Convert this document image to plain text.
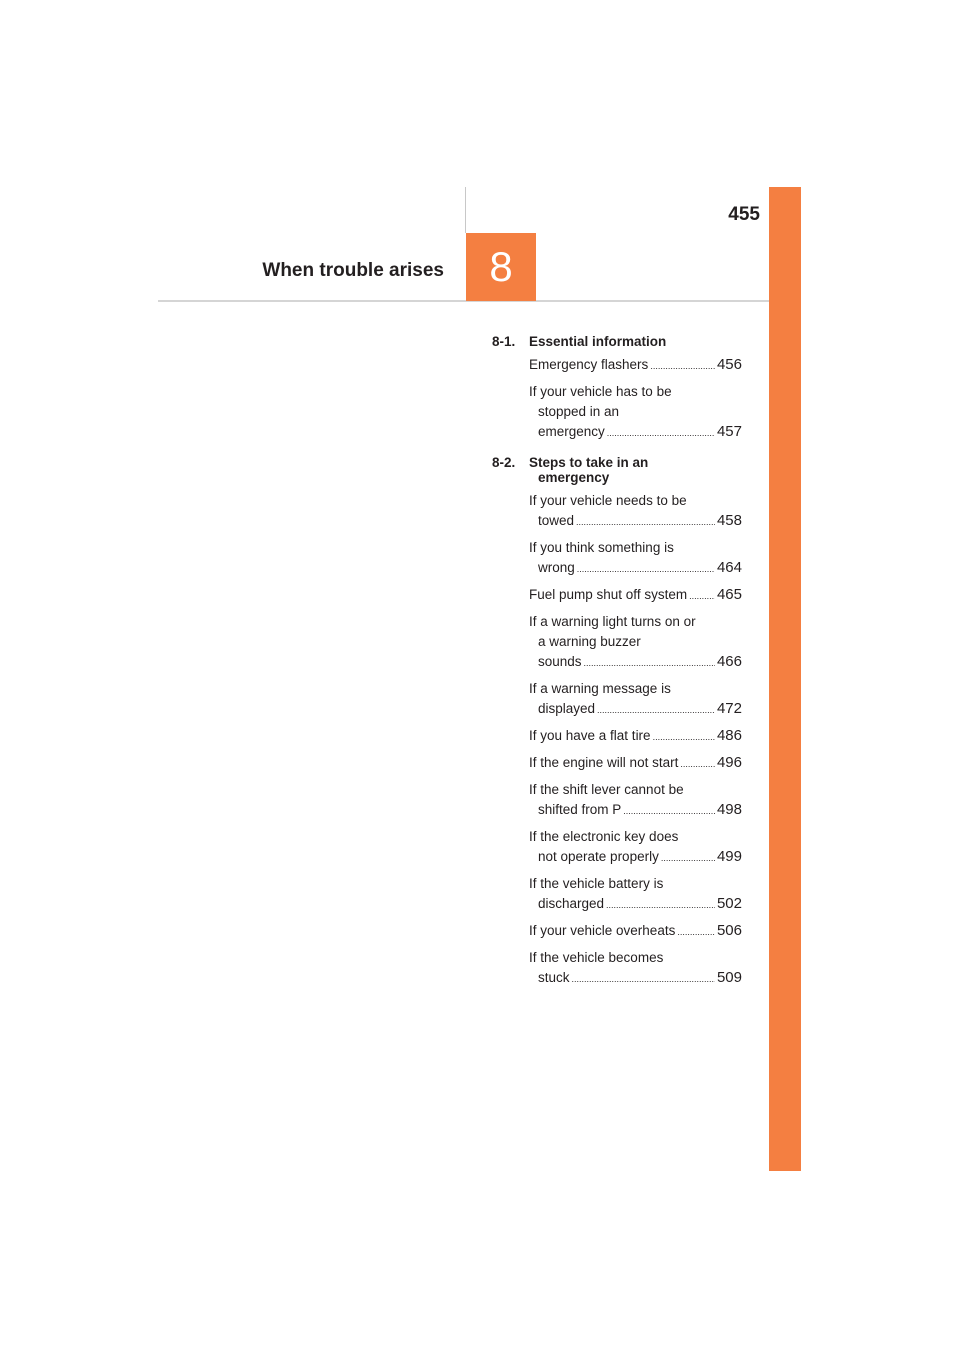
455
When trouble arises	8
8-1. Essential information
Emergency flashers .....	456
If your vehicle has to be
stopped in an
emergency .....	457
8-2. Steps to take in an
emergency
If your vehicle needs to be
towed .....	458
If you think something is
wrong .....	464
Fuel pump shut off system ..... 465
If a warning light turns on or
a warning buzzer
sounds .....	466
If a warning message is
displayed .....	472
If you have a flat tire .....	486
If the engine will not start .....	496
If the shift lever cannot be
shifted from P .....	498
If the electronic key does
not operate properly .....	499
If the vehicle battery is
discharged .....	502
If your vehicle overheats .....	506
If the vehicle becomes
stuck .....	509
